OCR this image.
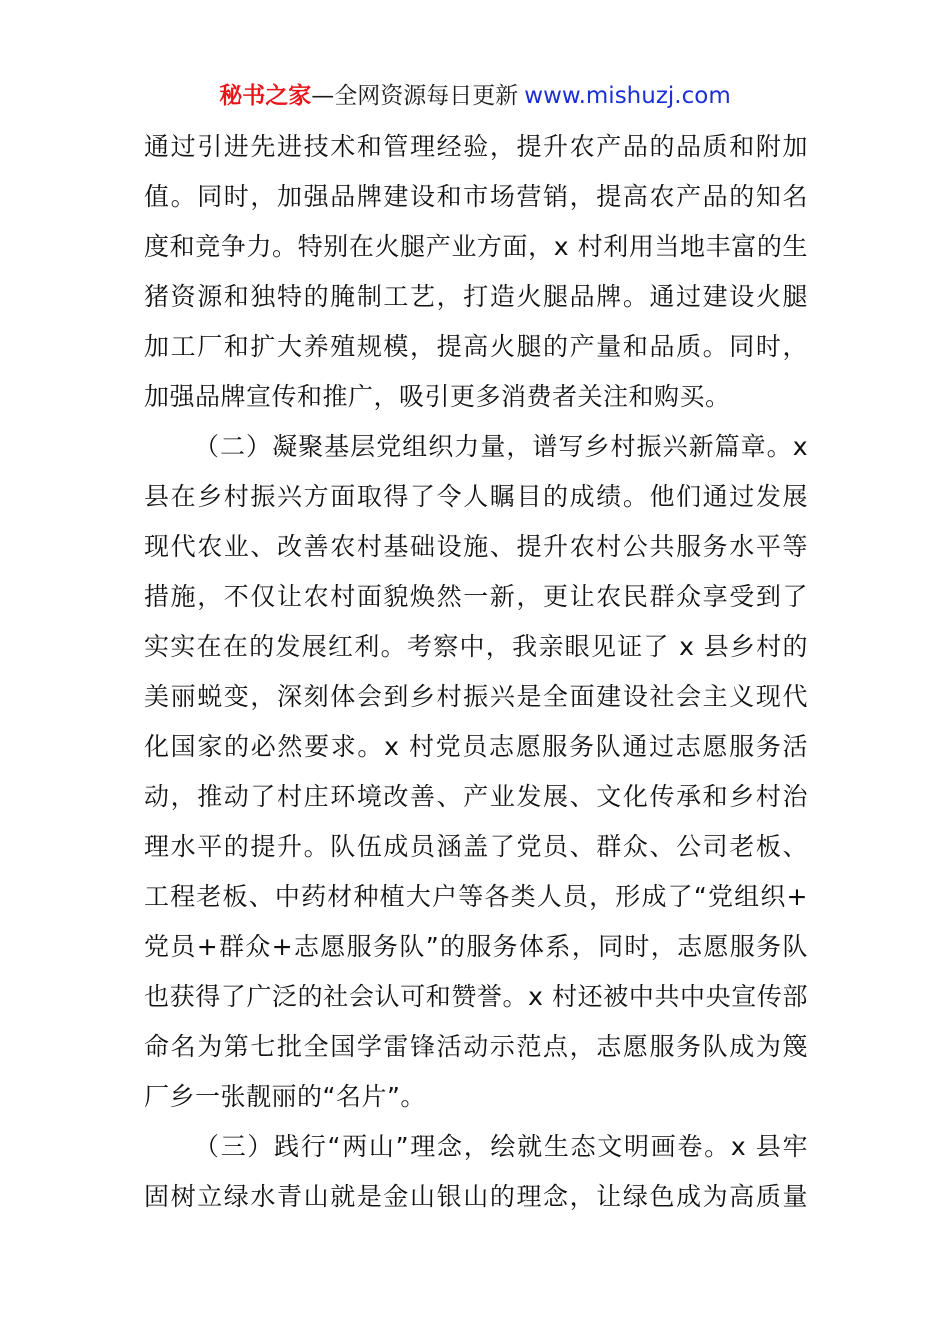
秘书之家—全网资源每日更新 www.mishuzj.com
通过引进先进技术和管理经验，提升农产品的品质和附加
值。同时，加强品牌建设和市场营销，提高农产品的知名
度和竞争力。特别在火腿产业方面，x 村利用当地丰富的生
猪资源和独特的腌制工艺，打造火腿品牌。通过建设火腿
加工厂和扩大养殖规模，提高火腿的产量和品质。同时，
加强品牌宣传和推广，吸引更多消费者关注和购买。
（二）凝聚基层党组织力量，谱写乡村振兴新篇章。x
县在乡村振兴方面取得了令人瞩目的成绩。他们通过发展
现代农业、改善农村基础设施、提升农村公共服务水平等
措施，不仅让农村面貌焕然一新，更让农民群众享受到了
实实在在的发展红利。考察中，我亲眼见证了 x 县乡村的
美丽蜕变，深刻体会到乡村振兴是全面建设社会主义现代
化国家的必然要求。x 村党员志愿服务队通过志愿服务活
动，推动了村庄环境改善、产业发展、文化传承和乡村治
理水平的提升。队伍成员涵盖了党员、群众、公司老板、
工程老板、中药材种植大户等各类人员，形成了“党组织+
党员+群众+志愿服务队”的服务体系，同时，志愿服务队
也获得了广泛的社会认可和赞誉。x 村还被中共中央宣传部
命名为第七批全国学雷锋活动示范点，志愿服务队成为篾
厂乡一张靓丽的“名片”。
（三）践行“两山”理念，绘就生态文明画卷。x 县牢
固树立绿水青山就是金山银山的理念，让绿色成为高质量
